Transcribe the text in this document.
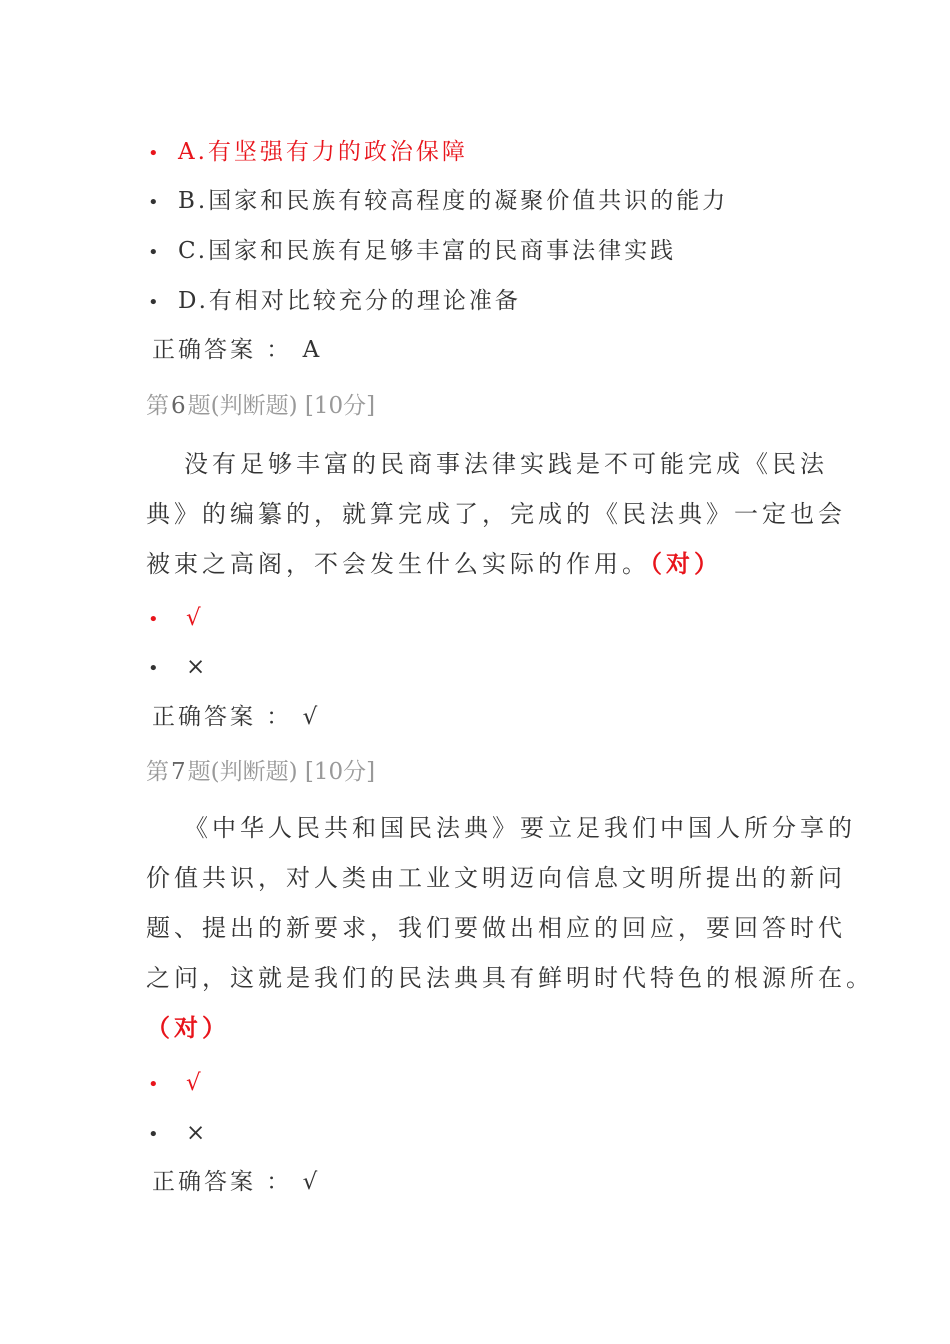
• A.有坚强有力的政治保障
• B.国家和民族有较高程度的凝聚价值共识的能力
• C.国家和民族有足够丰富的民商事法律实践
• D.有相对比较充分的理论准备
正确答案 ： A
第6题(判断题) [10分]

没有足够丰富的民商事法律实践是不可能完成《民法

典》的编纂的，就算完成了，完成的《民法典》一定也会

被束之高阁，不会发生什么实际的作用。（对）

• √
• ×
正确答案 ： √
第7题(判断题) [10分]

《中华人民共和国民法典》要立足我们中国人所分享的

价值共识，对人类由工业文明迈向信息文明所提出的新问

题、提出的新要求，我们要做出相应的回应，要回答时代

之问，这就是我们的民法典具有鲜明时代特色的根源所在。

（对）

• √
• ×
正确答案 ： √
